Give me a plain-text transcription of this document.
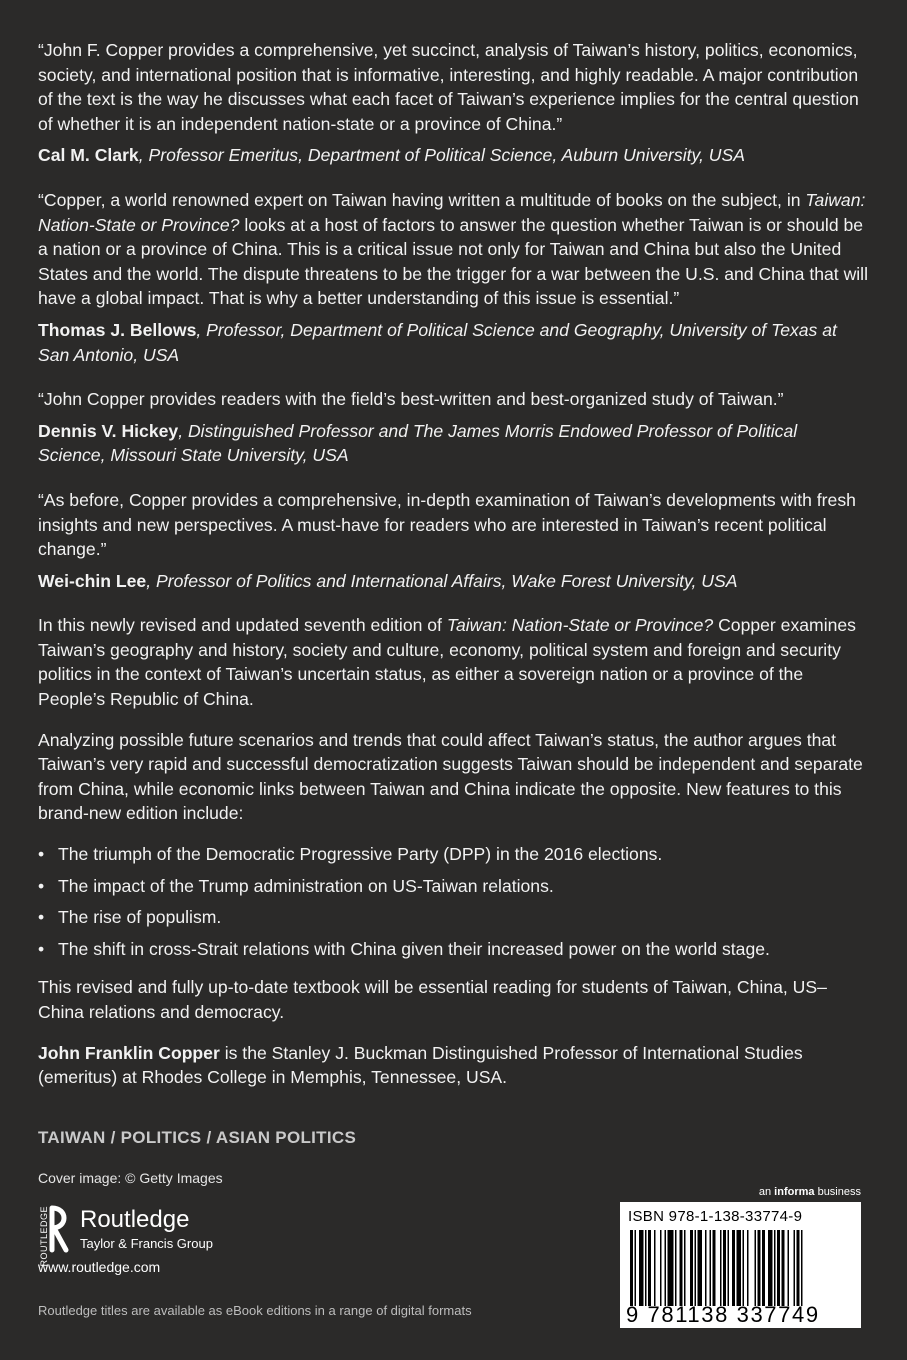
“John F. Copper provides a comprehensive, yet succinct, analysis of Taiwan’s history, politics, economics, society, and international position that is informative, interesting, and highly readable. A major contribution of the text is the way he discusses what each facet of Taiwan’s experience implies for the central question of whether it is an independent nation-state or a province of China.”

Cal M. Clark, Professor Emeritus, Department of Political Science, Auburn University, USA

“Copper, a world renowned expert on Taiwan having written a multitude of books on the subject, in Taiwan: Nation-State or Province? looks at a host of factors to answer the question whether Taiwan is or should be a nation or a province of China. This is a critical issue not only for Taiwan and China but also the United States and the world. The dispute threatens to be the trigger for a war between the U.S. and China that will have a global impact. That is why a better understanding of this issue is essential.”

Thomas J. Bellows, Professor, Department of Political Science and Geography, University of Texas at San Antonio, USA

“John Copper provides readers with the field’s best-written and best-organized study of Taiwan.”

Dennis V. Hickey, Distinguished Professor and The James Morris Endowed Professor of Political Science, Missouri State University, USA

“As before, Copper provides a comprehensive, in-depth examination of Taiwan’s developments with fresh insights and new perspectives. A must-have for readers who are interested in Taiwan’s recent political change.”

Wei-chin Lee, Professor of Politics and International Affairs, Wake Forest University, USA

In this newly revised and updated seventh edition of Taiwan: Nation-State or Province? Copper examines Taiwan’s geography and history, society and culture, economy, political system and foreign and security politics in the context of Taiwan’s uncertain status, as either a sovereign nation or a province of the People’s Republic of China.

Analyzing possible future scenarios and trends that could affect Taiwan’s status, the author argues that Taiwan’s very rapid and successful democratization suggests Taiwan should be independent and separate from China, while economic links between Taiwan and China indicate the opposite. New features to this brand-new edition include:

• The triumph of the Democratic Progressive Party (DPP) in the 2016 elections.
• The impact of the Trump administration on US-Taiwan relations.
• The rise of populism.
• The shift in cross-Strait relations with China given their increased power on the world stage.

This revised and fully up-to-date textbook will be essential reading for students of Taiwan, China, US–China relations and democracy.

John Franklin Copper is the Stanley J. Buckman Distinguished Professor of International Studies (emeritus) at Rhodes College in Memphis, Tennessee, USA.

TAIWAN / POLITICS / ASIAN POLITICS
Cover image: © Getty Images
ROUTLEDGE Routledge
Taylor & Francis Group
www.routledge.com
Routledge titles are available as eBook editions in a range of digital formats
an informa business
ISBN 978-1-138-33774-9
9 781138 337749
